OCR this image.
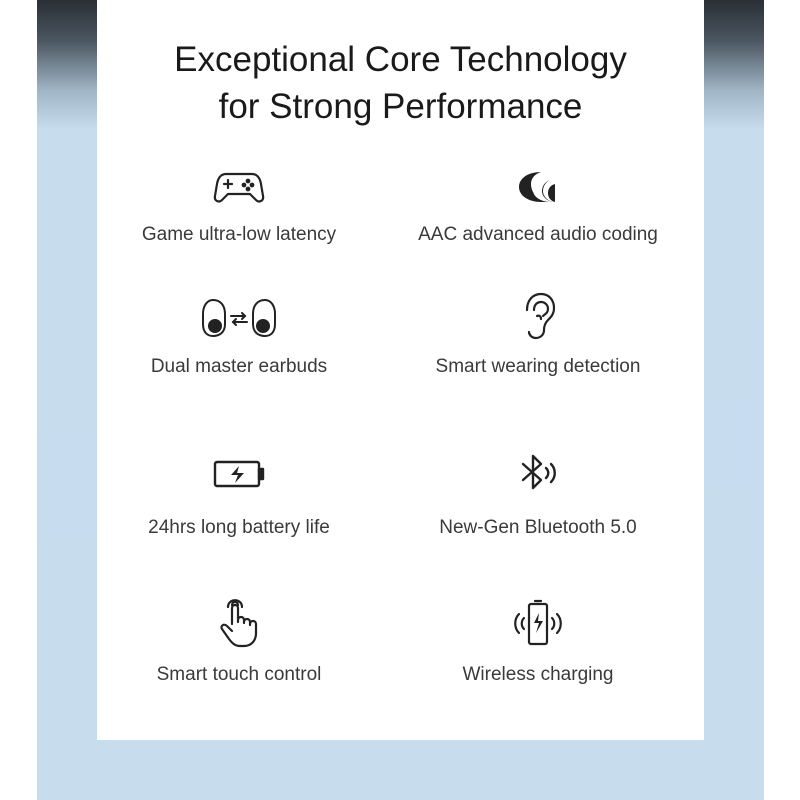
Exceptional Core Technology
for Strong Performance
Game ultra-low latency	AAC advanced audio coding
Dual master earbuds	Smart wearing detection
24hrs long battery life	New-Gen Bluetooth 5.0
Smart touch control	Wireless charging
